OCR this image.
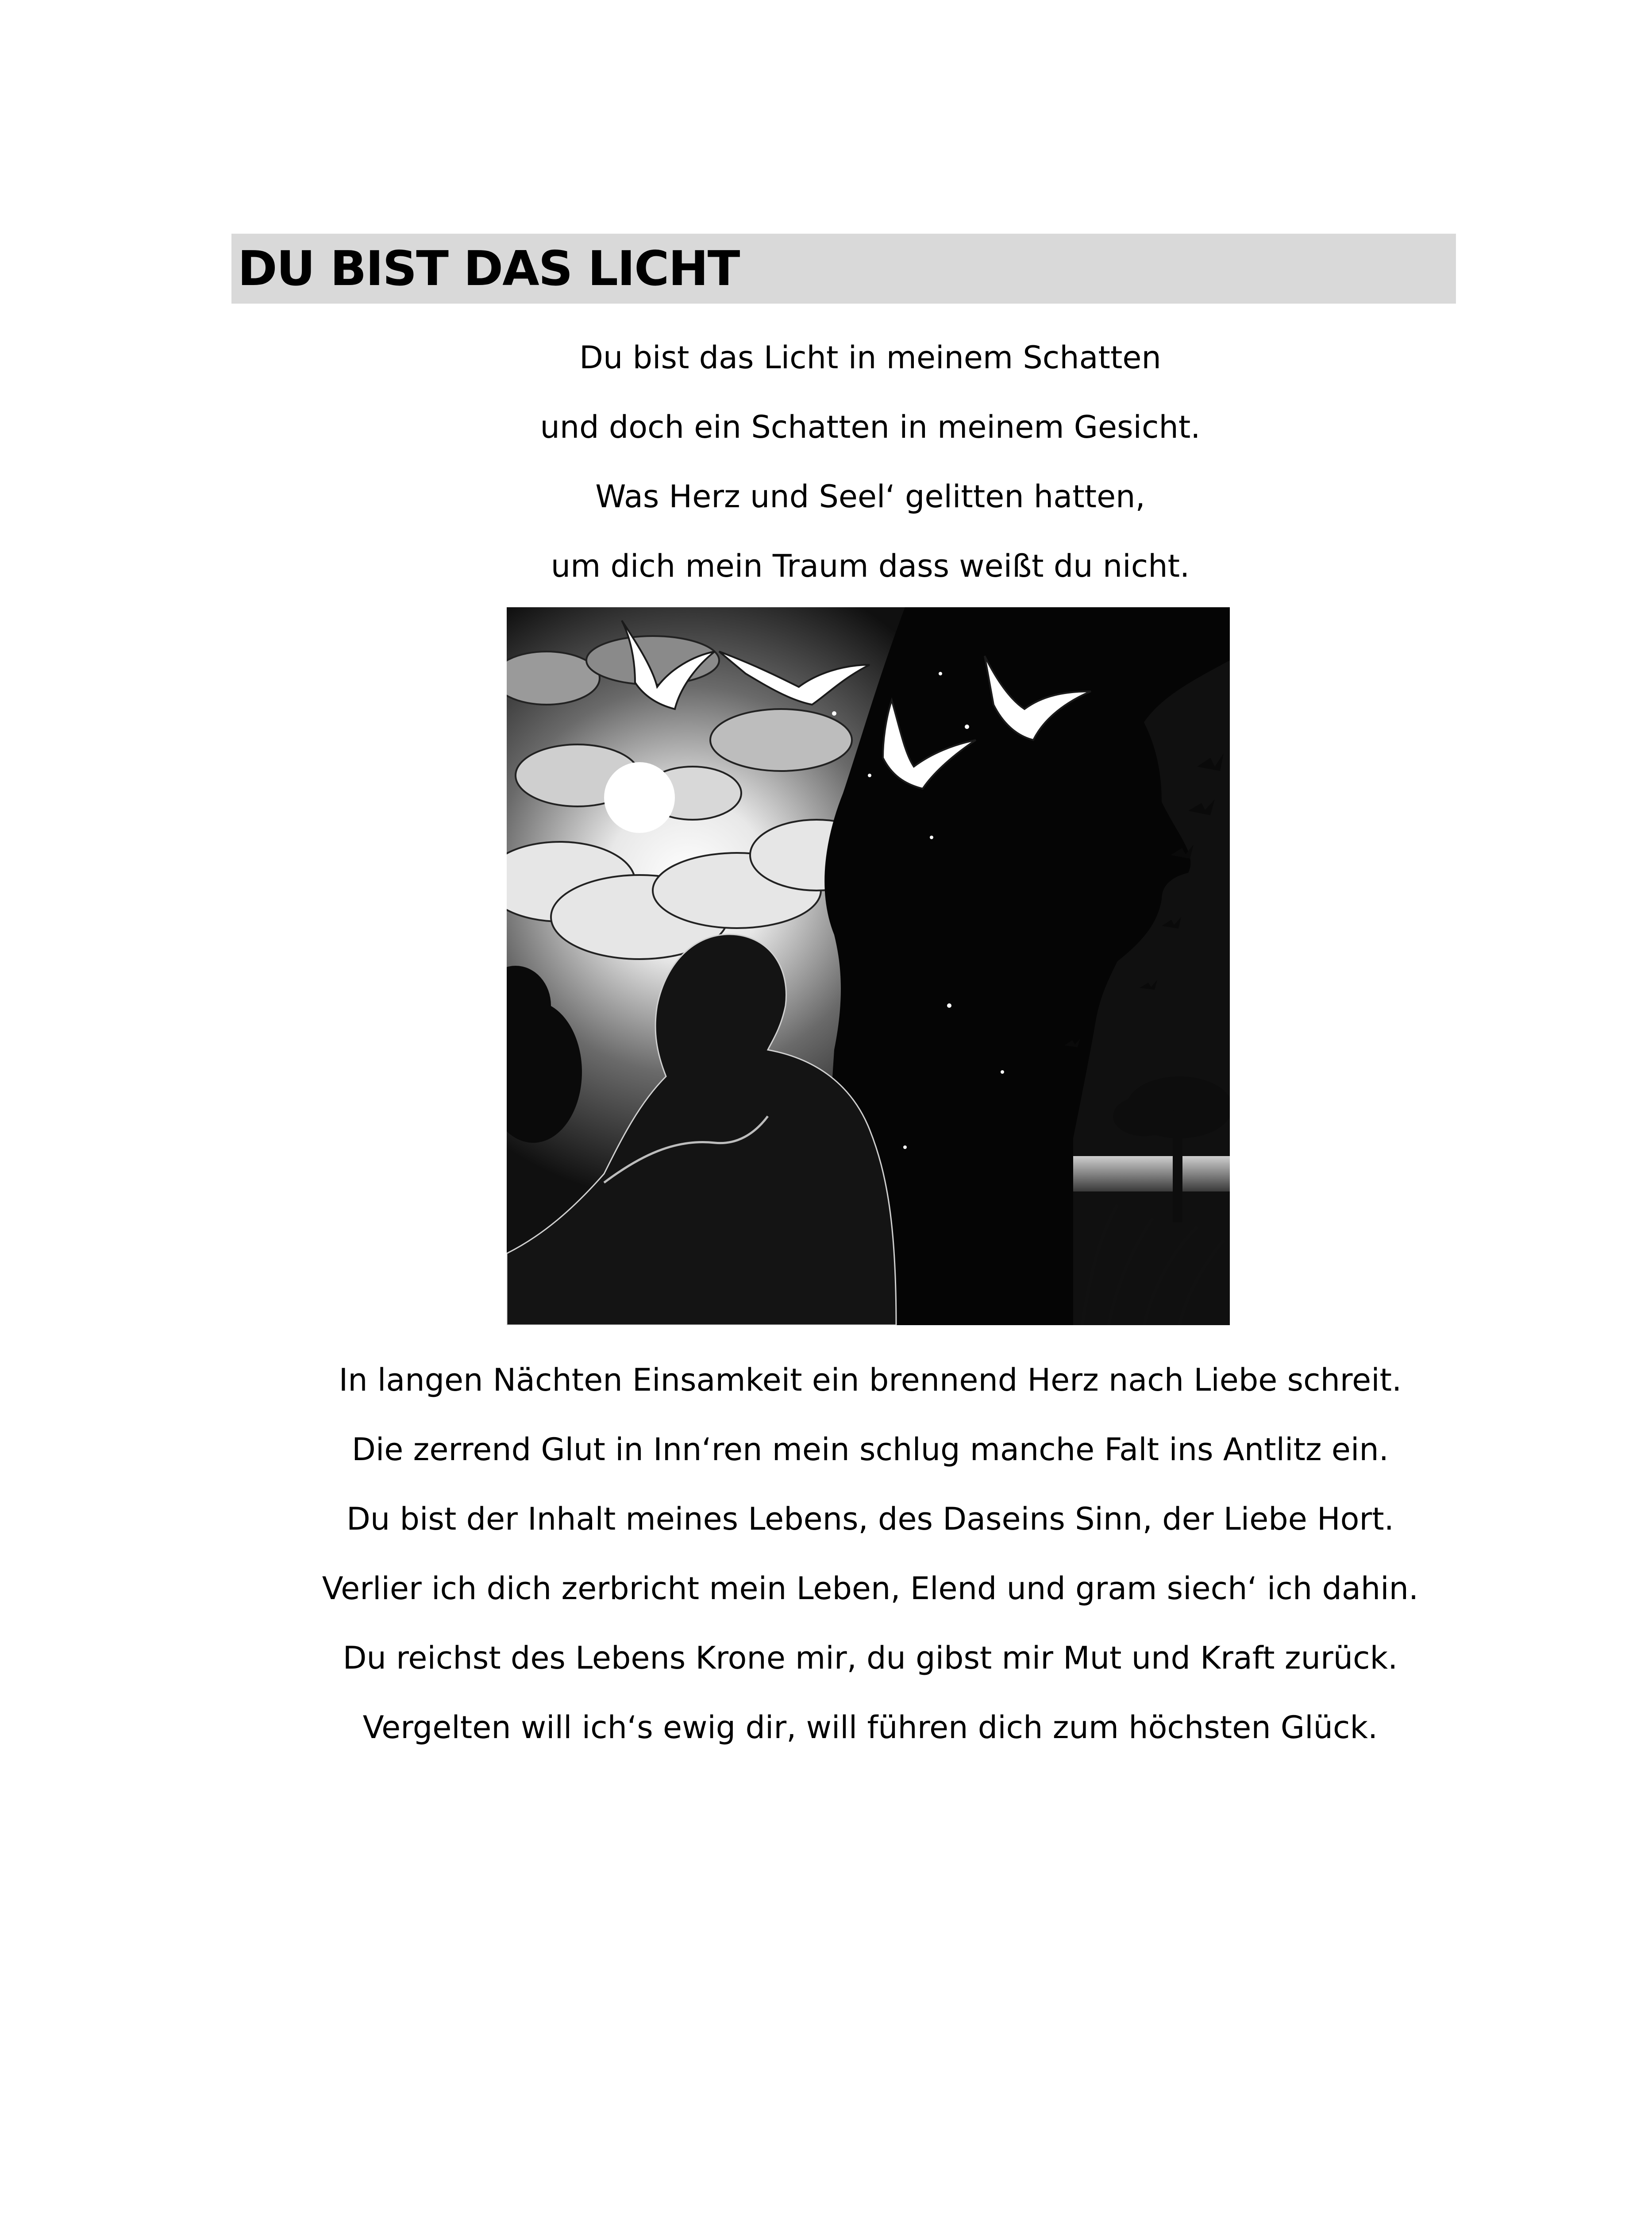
DU BIST DAS LICHT
Du bist das Licht in meinem Schatten
und doch ein Schatten in meinem Gesicht.
Was Herz und Seel‘ gelitten hatten,
um dich mein Traum dass weißt du nicht.
In langen Nächten Einsamkeit ein brennend Herz nach Liebe schreit.
Die zerrend Glut in Inn‘ren mein schlug manche Falt ins Antlitz ein.
Du bist der Inhalt meines Lebens, des Daseins Sinn, der Liebe Hort.
Verlier ich dich zerbricht mein Leben, Elend und gram siech‘ ich dahin.
Du reichst des Lebens Krone mir, du gibst mir Mut und Kraft zurück.
Vergelten will ich‘s ewig dir, will führen dich zum höchsten Glück.
